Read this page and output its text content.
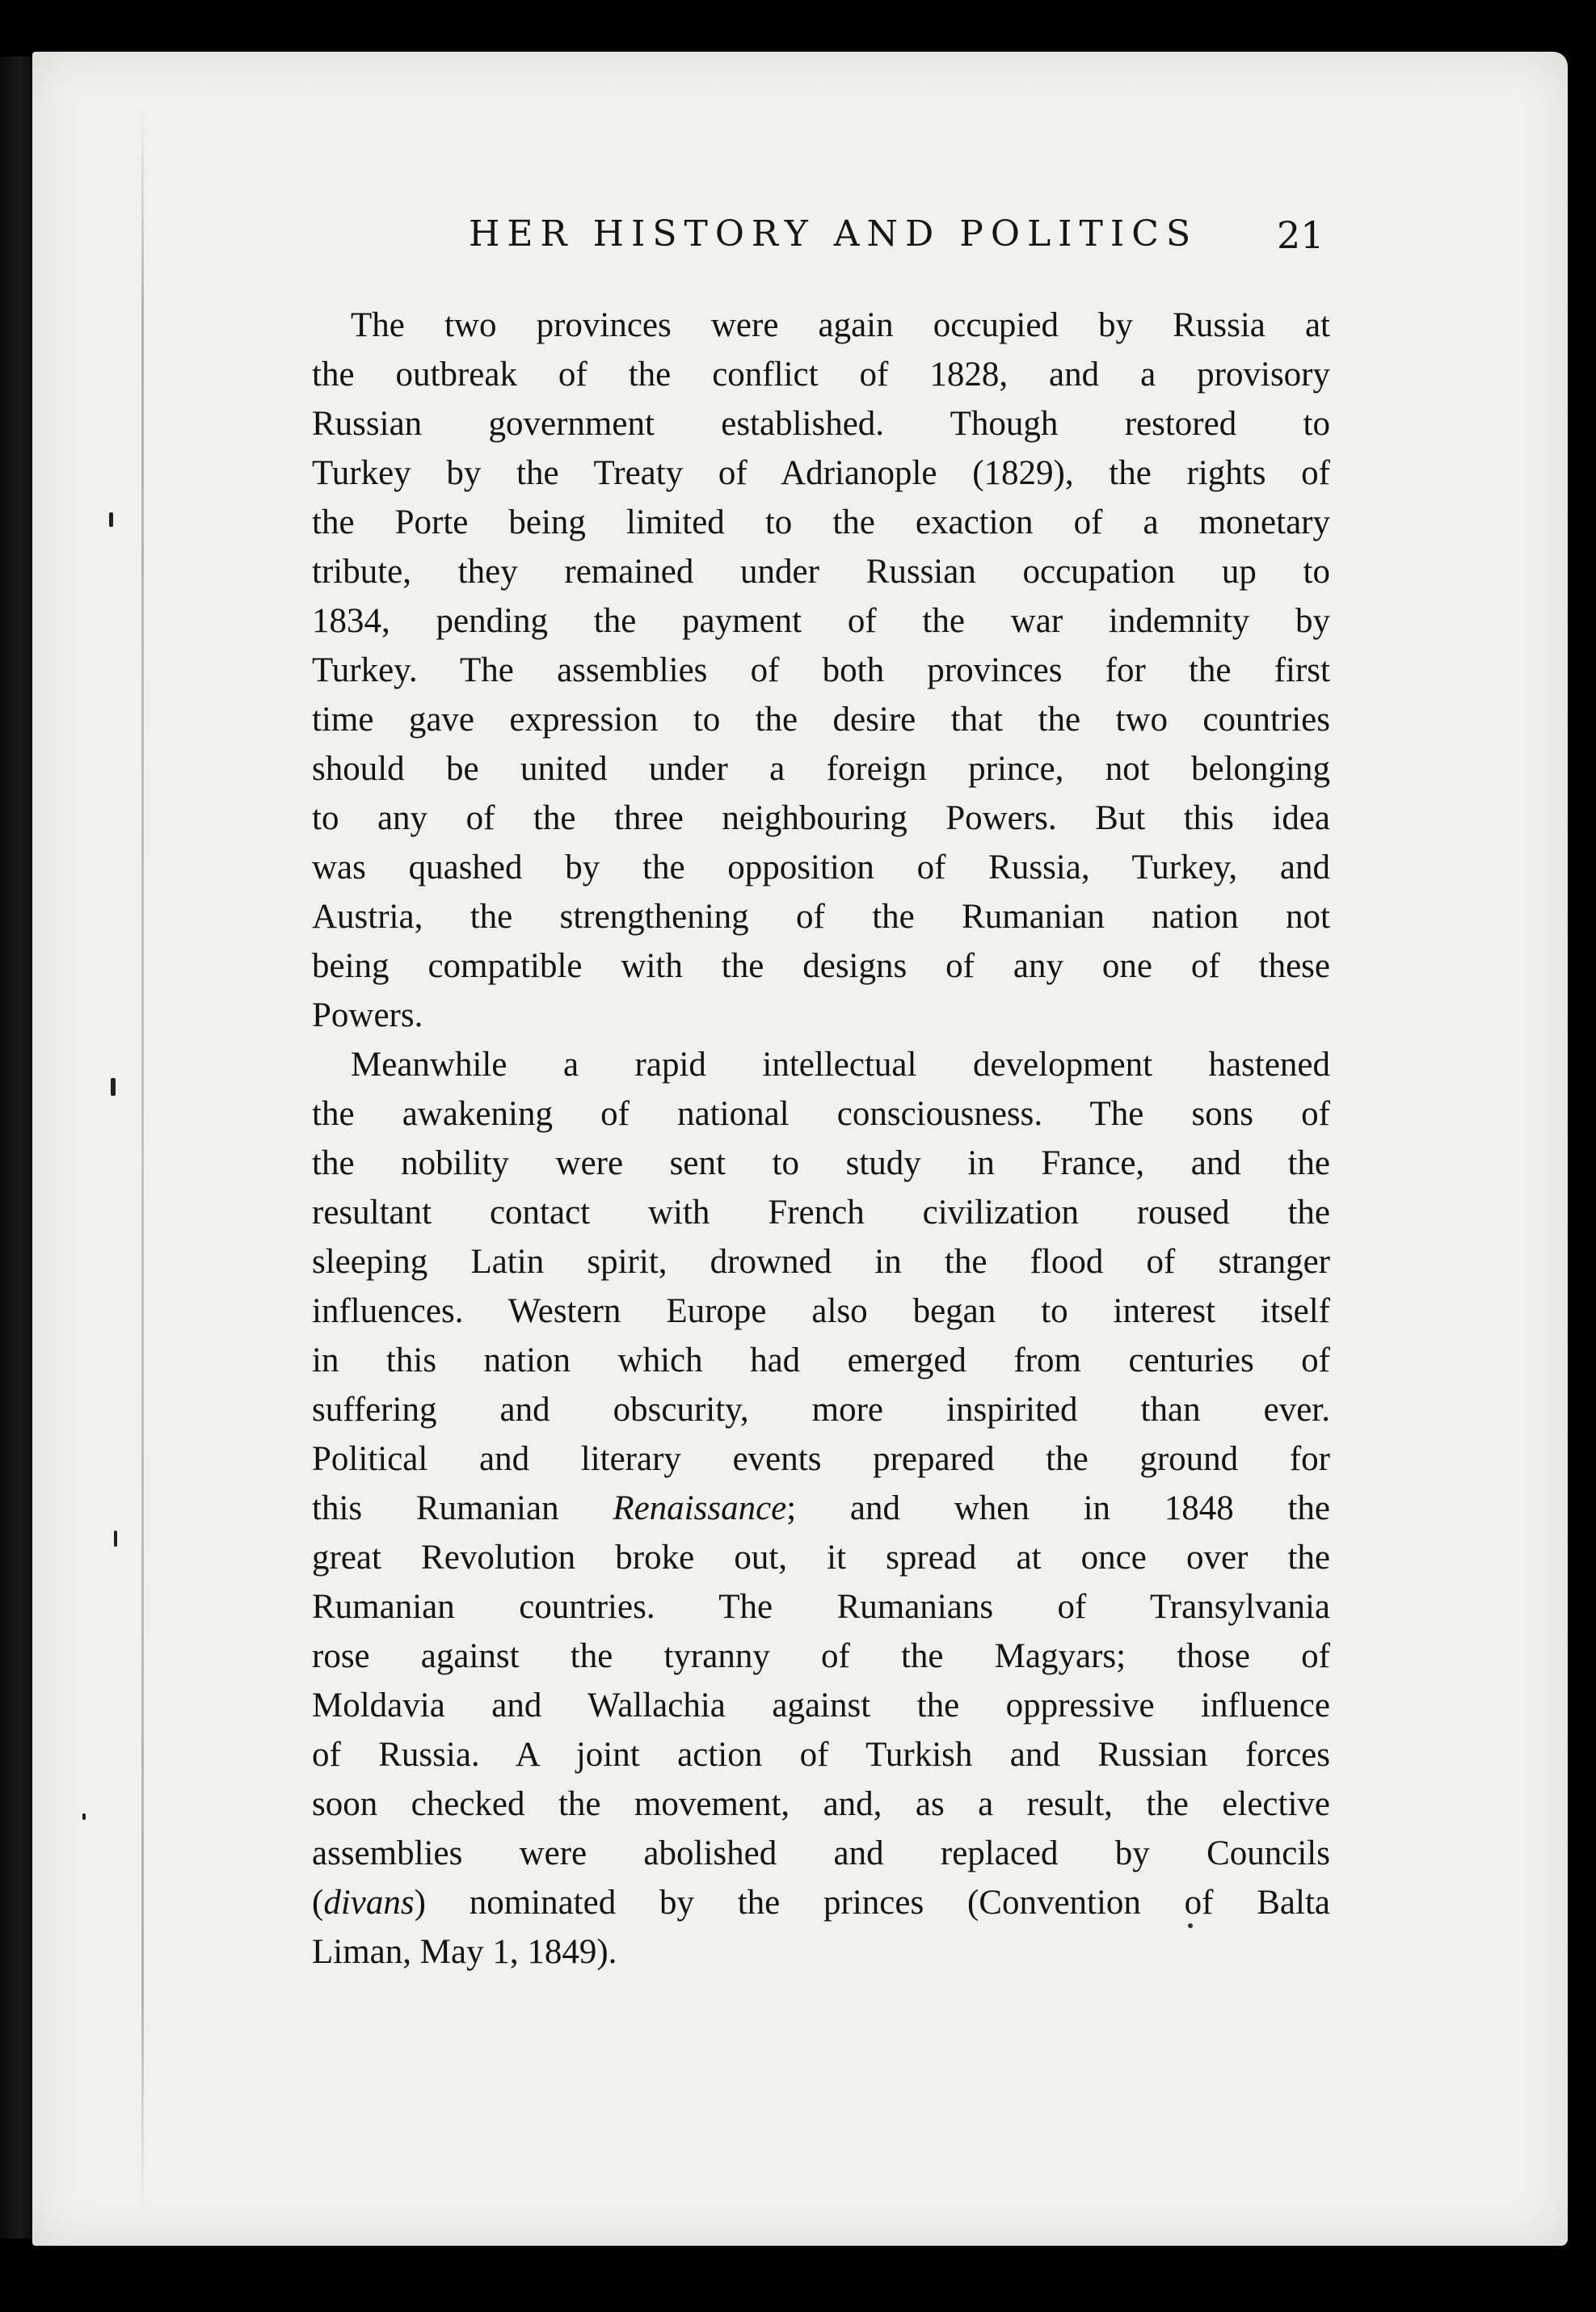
HER HISTORY AND POLITICS	21
The two provinces were again occupied by Russia at
the outbreak of the conflict of 1828, and a provisory
Russian government established. Though restored to
Turkey by the Treaty of Adrianople (1829), the rights of
the Porte being limited to the exaction of a monetary
tribute, they remained under Russian occupation up to
1834, pending the payment of the war indemnity by
Turkey. The assemblies of both provinces for the first
time gave expression to the desire that the two countries
should be united under a foreign prince, not belonging
to any of the three neighbouring Powers. But this idea
was quashed by the opposition of Russia, Turkey, and
Austria, the strengthening of the Rumanian nation not
being compatible with the designs of any one of these
Powers.
Meanwhile a rapid intellectual development hastened
the awakening of national consciousness. The sons of
the nobility were sent to study in France, and the
resultant contact with French civilization roused the
sleeping Latin spirit, drowned in the flood of stranger
influences. Western Europe also began to interest itself
in this nation which had emerged from centuries of
suffering and obscurity, more inspirited than ever.
Political and literary events prepared the ground for
this Rumanian Renaissance; and when in 1848 the
great Revolution broke out, it spread at once over the
Rumanian countries. The Rumanians of Transylvania
rose against the tyranny of the Magyars; those of
Moldavia and Wallachia against the oppressive influence
of Russia. A joint action of Turkish and Russian forces
soon checked the movement, and, as a result, the elective
assemblies were abolished and replaced by Councils
(divans) nominated by the princes (Convention of Balta
Liman, May 1, 1849).
